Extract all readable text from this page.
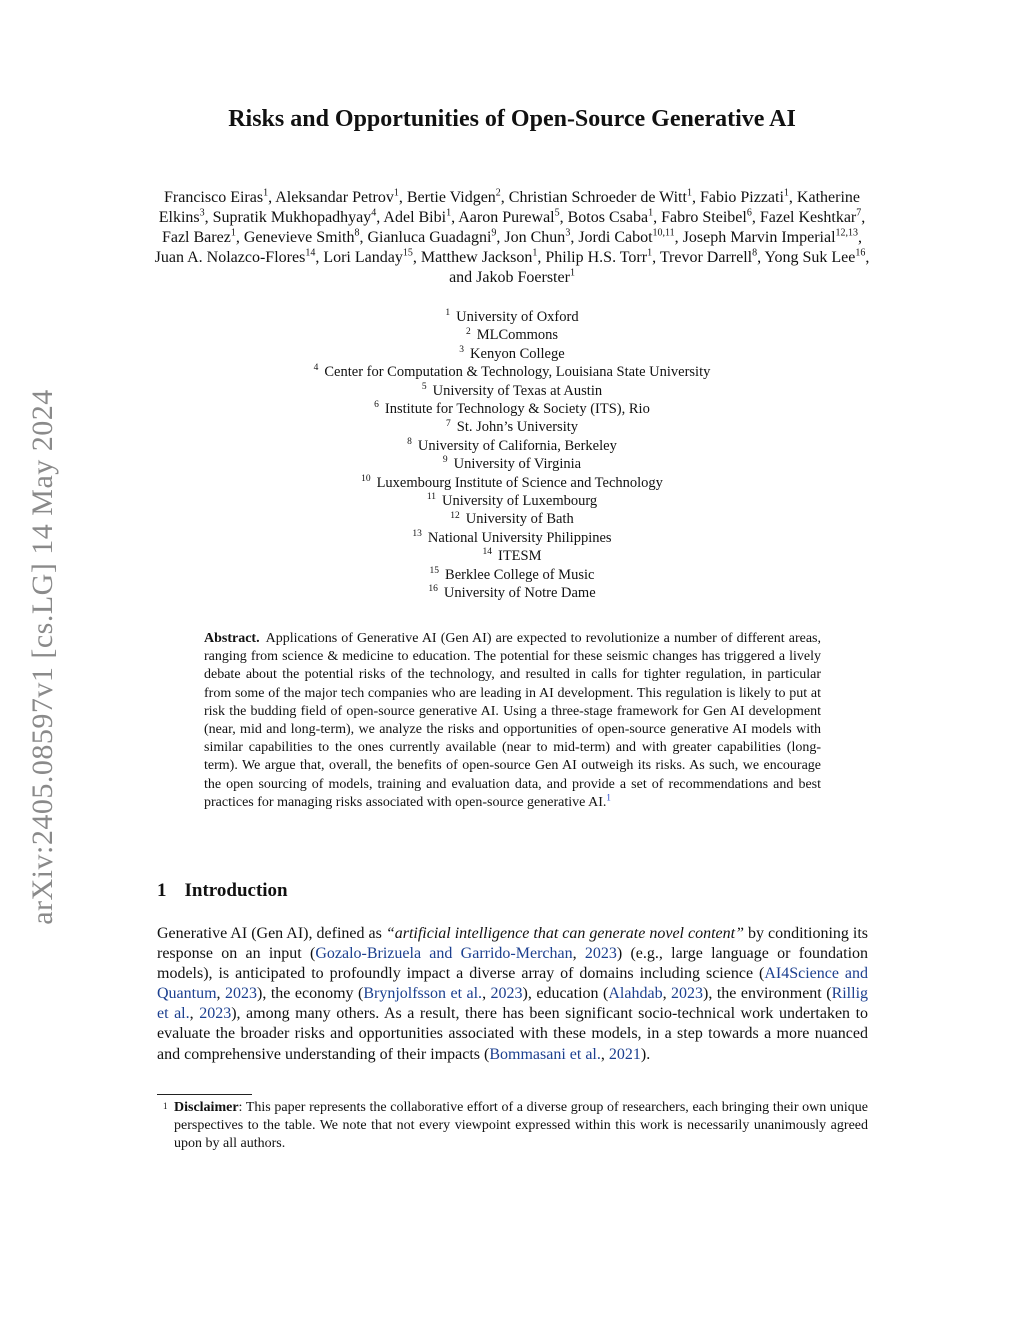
arXiv:2405.08597v1 [cs.LG] 14 May 2024
Risks and Opportunities of Open-Source Generative AI
Francisco Eiras$^1$, Aleksandar Petrov$^1$, Bertie Vidgen$^2$, Christian Schroeder de Witt$^1$, Fabio Pizzati$^1$, Katherine Elkins$^3$, Supratik Mukhopadhyay$^4$, Adel Bibi$^1$, Aaron Purewal$^5$, Botos Csaba$^1$, Fabro Steibel$^6$, Fazel Keshtkar$^7$, Fazl Barez$^1$, Genevieve Smith$^8$, Gianluca Guadagni$^9$, Jon Chun$^3$, Jordi Cabot$^{10,11}$, Joseph Marvin Imperial$^{12,13}$, Juan A. Nolazco-Flores$^{14}$, Lori Landay$^{15}$, Matthew Jackson$^1$, Philip H.S. Torr$^1$, Trevor Darrell$^8$, Yong Suk Lee$^{16}$, and Jakob Foerster$^1$
$^1$ University of Oxford
$^2$ MLCommons
$^3$ Kenyon College
$^4$ Center for Computation & Technology, Louisiana State University
$^5$ University of Texas at Austin
$^6$ Institute for Technology & Society (ITS), Rio
$^7$ St. John’s University
$^8$ University of California, Berkeley
$^9$ University of Virginia
$^{10}$ Luxembourg Institute of Science and Technology
$^{11}$ University of Luxembourg
$^{12}$ University of Bath
$^{13}$ National University Philippines
$^{14}$ ITESM
$^{15}$ Berklee College of Music
$^{16}$ University of Notre Dame

Abstract. Applications of Generative AI (Gen AI) are expected to revolutionize a number of different areas, ranging from science & medicine to education. The potential for these seismic changes has triggered a lively debate about the potential risks of the technology, and resulted in calls for tighter regulation, in particular from some of the major tech companies who are leading in AI development. This regulation is likely to put at risk the budding field of open-source generative AI. Using a three-stage framework for Gen AI development (near, mid and long-term), we analyze the risks and opportunities of open-source generative AI models with similar capabilities to the ones currently available (near to mid-term) and with greater capabilities (long-term). We argue that, overall, the benefits of open-source Gen AI outweigh its risks. As such, we encourage the open sourcing of models, training and evaluation data, and provide a set of recommendations and best practices for managing risks associated with open-source generative AI.$^1$

1 Introduction

Generative AI (Gen AI), defined as “artificial intelligence that can generate novel content” by conditioning its response on an input (Gozalo-Brizuela and Garrido-Merchan, 2023) (e.g., large language or foundation models), is anticipated to profoundly impact a diverse array of domains including science (AI4Science and Quantum, 2023), the economy (Brynjolfsson et al., 2023), education (Alahdab, 2023), the environment (Rillig et al., 2023), among many others. As a result, there has been significant socio-technical work undertaken to evaluate the broader risks and opportunities associated with these models, in a step towards a more nuanced and comprehensive understanding of their impacts (Bommasani et al., 2021).

1 Disclaimer: This paper represents the collaborative effort of a diverse group of researchers, each bringing their own unique perspectives to the table. We note that not every viewpoint expressed within this work is necessarily unanimously agreed upon by all authors.
